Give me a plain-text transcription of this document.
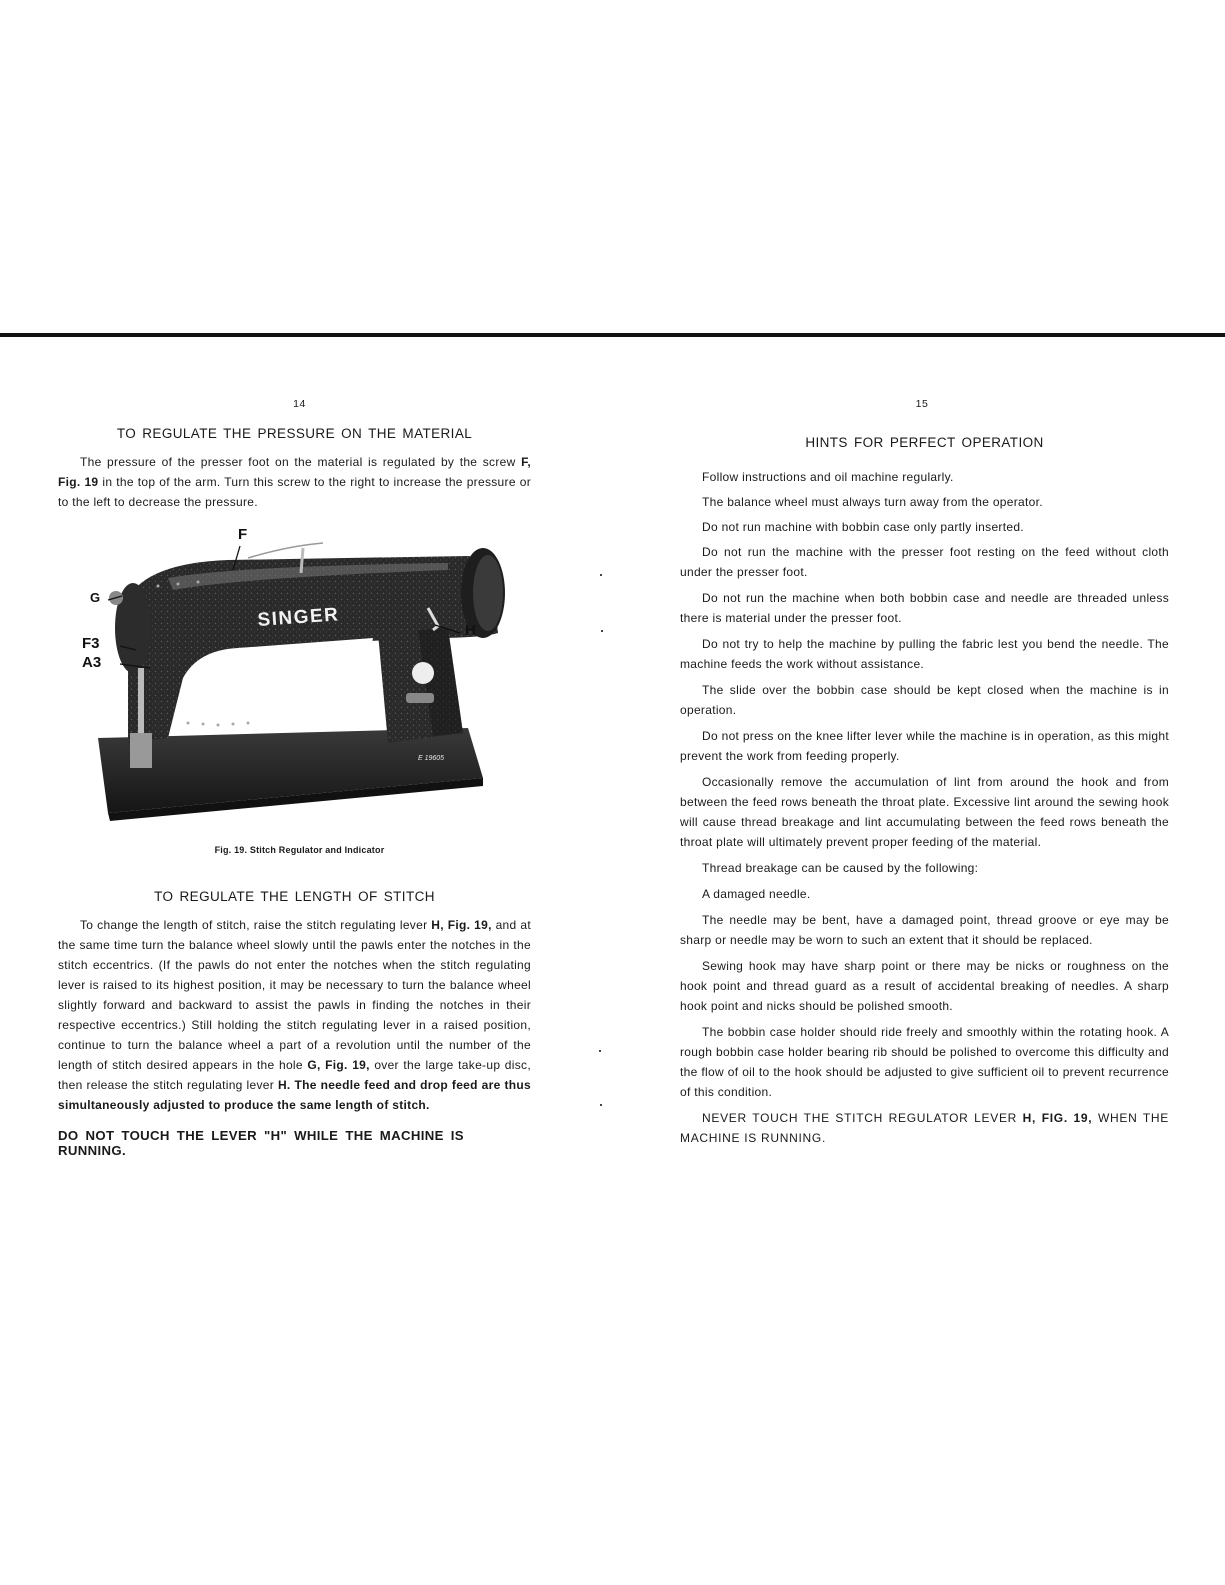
14
TO REGULATE THE PRESSURE ON THE MATERIAL

The pressure of the presser foot on the material is regulated by the screw F, Fig. 19 in the top of the arm. Turn this screw to the right to increase the pressure or to the left to decrease the pressure.

SINGER
E 19605
F
G
F3
A3
H
Fig. 19. Stitch Regulator and Indicator
TO REGULATE THE LENGTH OF STITCH

To change the length of stitch, raise the stitch regulating lever H, Fig. 19, and at the same time turn the balance wheel slowly until the pawls enter the notches in the stitch eccentrics. (If the pawls do not enter the notches when the stitch regulating lever is raised to its highest position, it may be necessary to turn the balance wheel slightly forward and backward to assist the pawls in finding the notches in their respective eccentrics.) Still holding the stitch regulating lever in a raised position, continue to turn the balance wheel a part of a revolution until the number of the length of stitch desired appears in the hole G, Fig. 19, over the large take-up disc, then release the stitch regulating lever H. The needle feed and drop feed are thus simultaneously adjusted to produce the same length of stitch.

DO NOT TOUCH THE LEVER "H" WHILE THE MACHINE IS RUNNING.
15
HINTS FOR PERFECT OPERATION

Follow instructions and oil machine regularly.

The balance wheel must always turn away from the operator.

Do not run machine with bobbin case only partly inserted.

Do not run the machine with the presser foot resting on the feed without cloth under the presser foot.

Do not run the machine when both bobbin case and needle are threaded unless there is material under the presser foot.

Do not try to help the machine by pulling the fabric lest you bend the needle. The machine feeds the work without assistance.

The slide over the bobbin case should be kept closed when the machine is in operation.

Do not press on the knee lifter lever while the machine is in operation, as this might prevent the work from feeding properly.

Occasionally remove the accumulation of lint from around the hook and from between the feed rows beneath the throat plate. Excessive lint around the sewing hook will cause thread breakage and lint accumulating between the feed rows beneath the throat plate will ultimately prevent proper feeding of the material.

Thread breakage can be caused by the following:

A damaged needle.

The needle may be bent, have a damaged point, thread groove or eye may be sharp or needle may be worn to such an extent that it should be replaced.

Sewing hook may have sharp point or there may be nicks or roughness on the hook point and thread guard as a result of accidental breaking of needles. A sharp hook point and nicks should be polished smooth.

The bobbin case holder should ride freely and smoothly within the rotating hook. A rough bobbin case holder bearing rib should be polished to overcome this difficulty and the flow of oil to the hook should be adjusted to give sufficient oil to prevent recurrence of this condition.

NEVER TOUCH THE STITCH REGULATOR LEVER H, FIG. 19, WHEN THE MACHINE IS RUNNING.
